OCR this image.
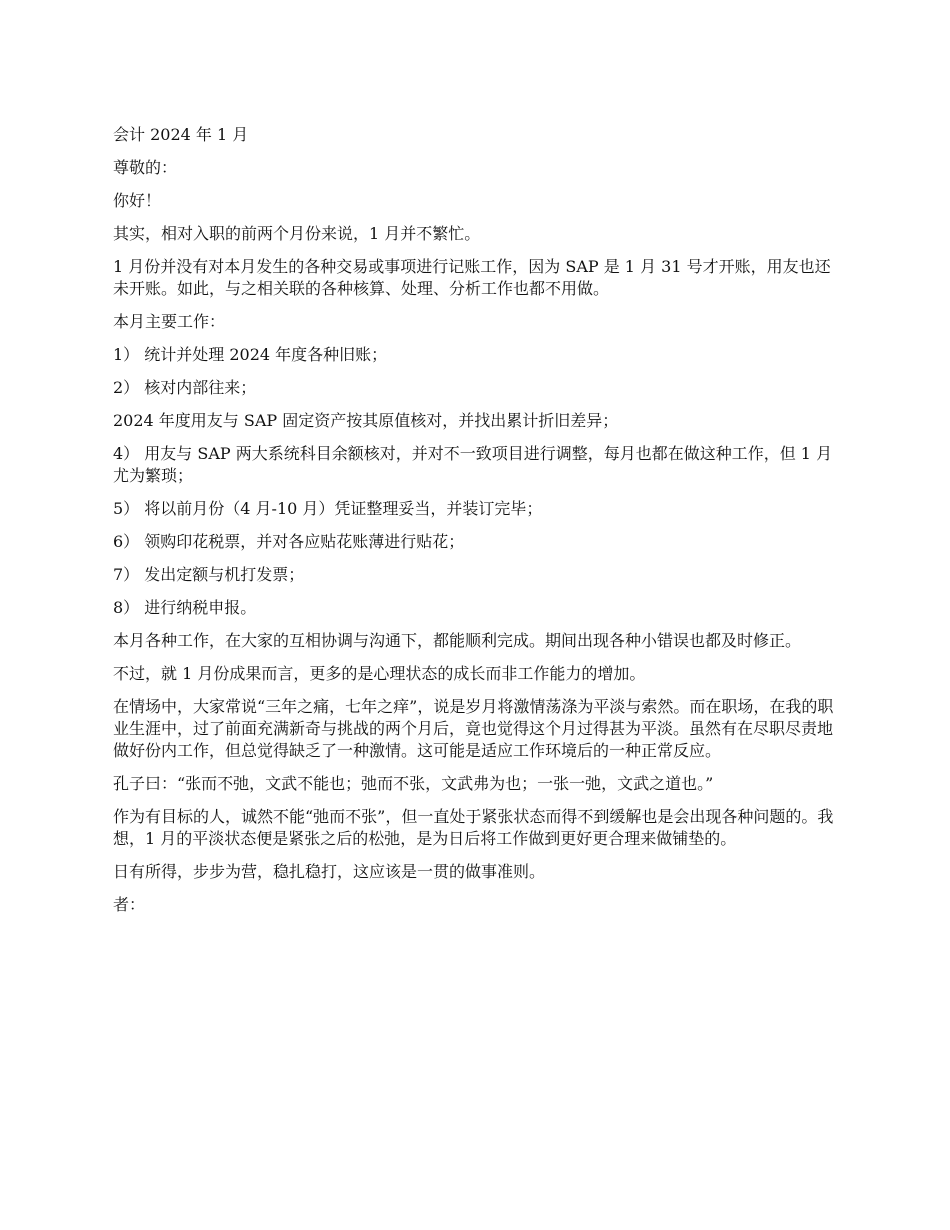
会计 2024 年 1 月

尊敬的：

你好！

其实，相对入职的前两个月份来说，1 月并不繁忙。

1 月份并没有对本月发生的各种交易或事项进行记账工作，因为 SAP 是 1 月 31 号才开账，用友也还未开账。如此，与之相关联的各种核算、处理、分析工作也都不用做。

本月主要工作：

1） 统计并处理 2024 年度各种旧账；

2） 核对内部往来；

2024 年度用友与 SAP 固定资产按其原值核对，并找出累计折旧差异；

4） 用友与 SAP 两大系统科目余额核对，并对不一致项目进行调整，每月也都在做这种工作，但 1 月尤为繁琐；

5） 将以前月份（4 月-10 月）凭证整理妥当，并装订完毕；

6） 领购印花税票，并对各应贴花账薄进行贴花；

7） 发出定额与机打发票；

8） 进行纳税申报。

本月各种工作，在大家的互相协调与沟通下，都能顺利完成。期间出现各种小错误也都及时修正。

不过，就 1 月份成果而言，更多的是心理状态的成长而非工作能力的增加。

在情场中，大家常说“三年之痛，七年之痒”，说是岁月将激情荡涤为平淡与索然。而在职场，在我的职业生涯中，过了前面充满新奇与挑战的两个月后，竟也觉得这个月过得甚为平淡。虽然有在尽职尽责地做好份内工作，但总觉得缺乏了一种激情。这可能是适应工作环境后的一种正常反应。

孔子曰：“张而不弛，文武不能也；弛而不张，文武弗为也；一张一弛，文武之道也。”

作为有目标的人，诚然不能“弛而不张”，但一直处于紧张状态而得不到缓解也是会出现各种问题的。我想，1 月的平淡状态便是紧张之后的松弛，是为日后将工作做到更好更合理来做铺垫的。

日有所得，步步为营，稳扎稳打，这应该是一贯的做事准则。

者：
